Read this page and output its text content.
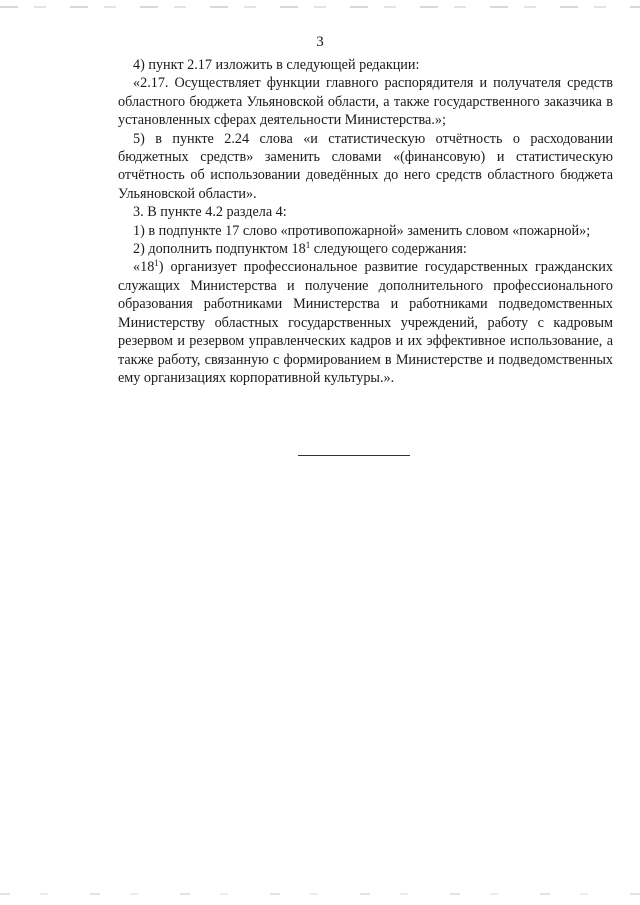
3

4) пункт 2.17 изложить в следующей редакции:

«2.17. Осуществляет функции главного распорядителя и получателя средств областного бюджета Ульяновской области, а также государственного заказчика в установленных сферах деятельности Министерства.»;

5) в пункте 2.24 слова «и статистическую отчётность о расходовании бюджетных средств» заменить словами «(финансовую) и статистическую отчётность об использовании доведённых до него средств областного бюджета Ульяновской области».

3. В пункте 4.2 раздела 4:

1) в подпункте 17 слово «противопожарной» заменить словом «пожарной»;

2) дополнить подпунктом $18^1$ следующего содержания:

«$18^1$) организует профессиональное развитие государственных гражданских служащих Министерства и получение дополнительного профессионального образования работниками Министерства и работниками подведомственных Министерству областных государственных учреждений, работу с кадровым резервом и резервом управленческих кадров и их эффективное использование, а также работу, связанную с формированием в Министерстве и подведомственных ему организациях корпоративной культуры.».
